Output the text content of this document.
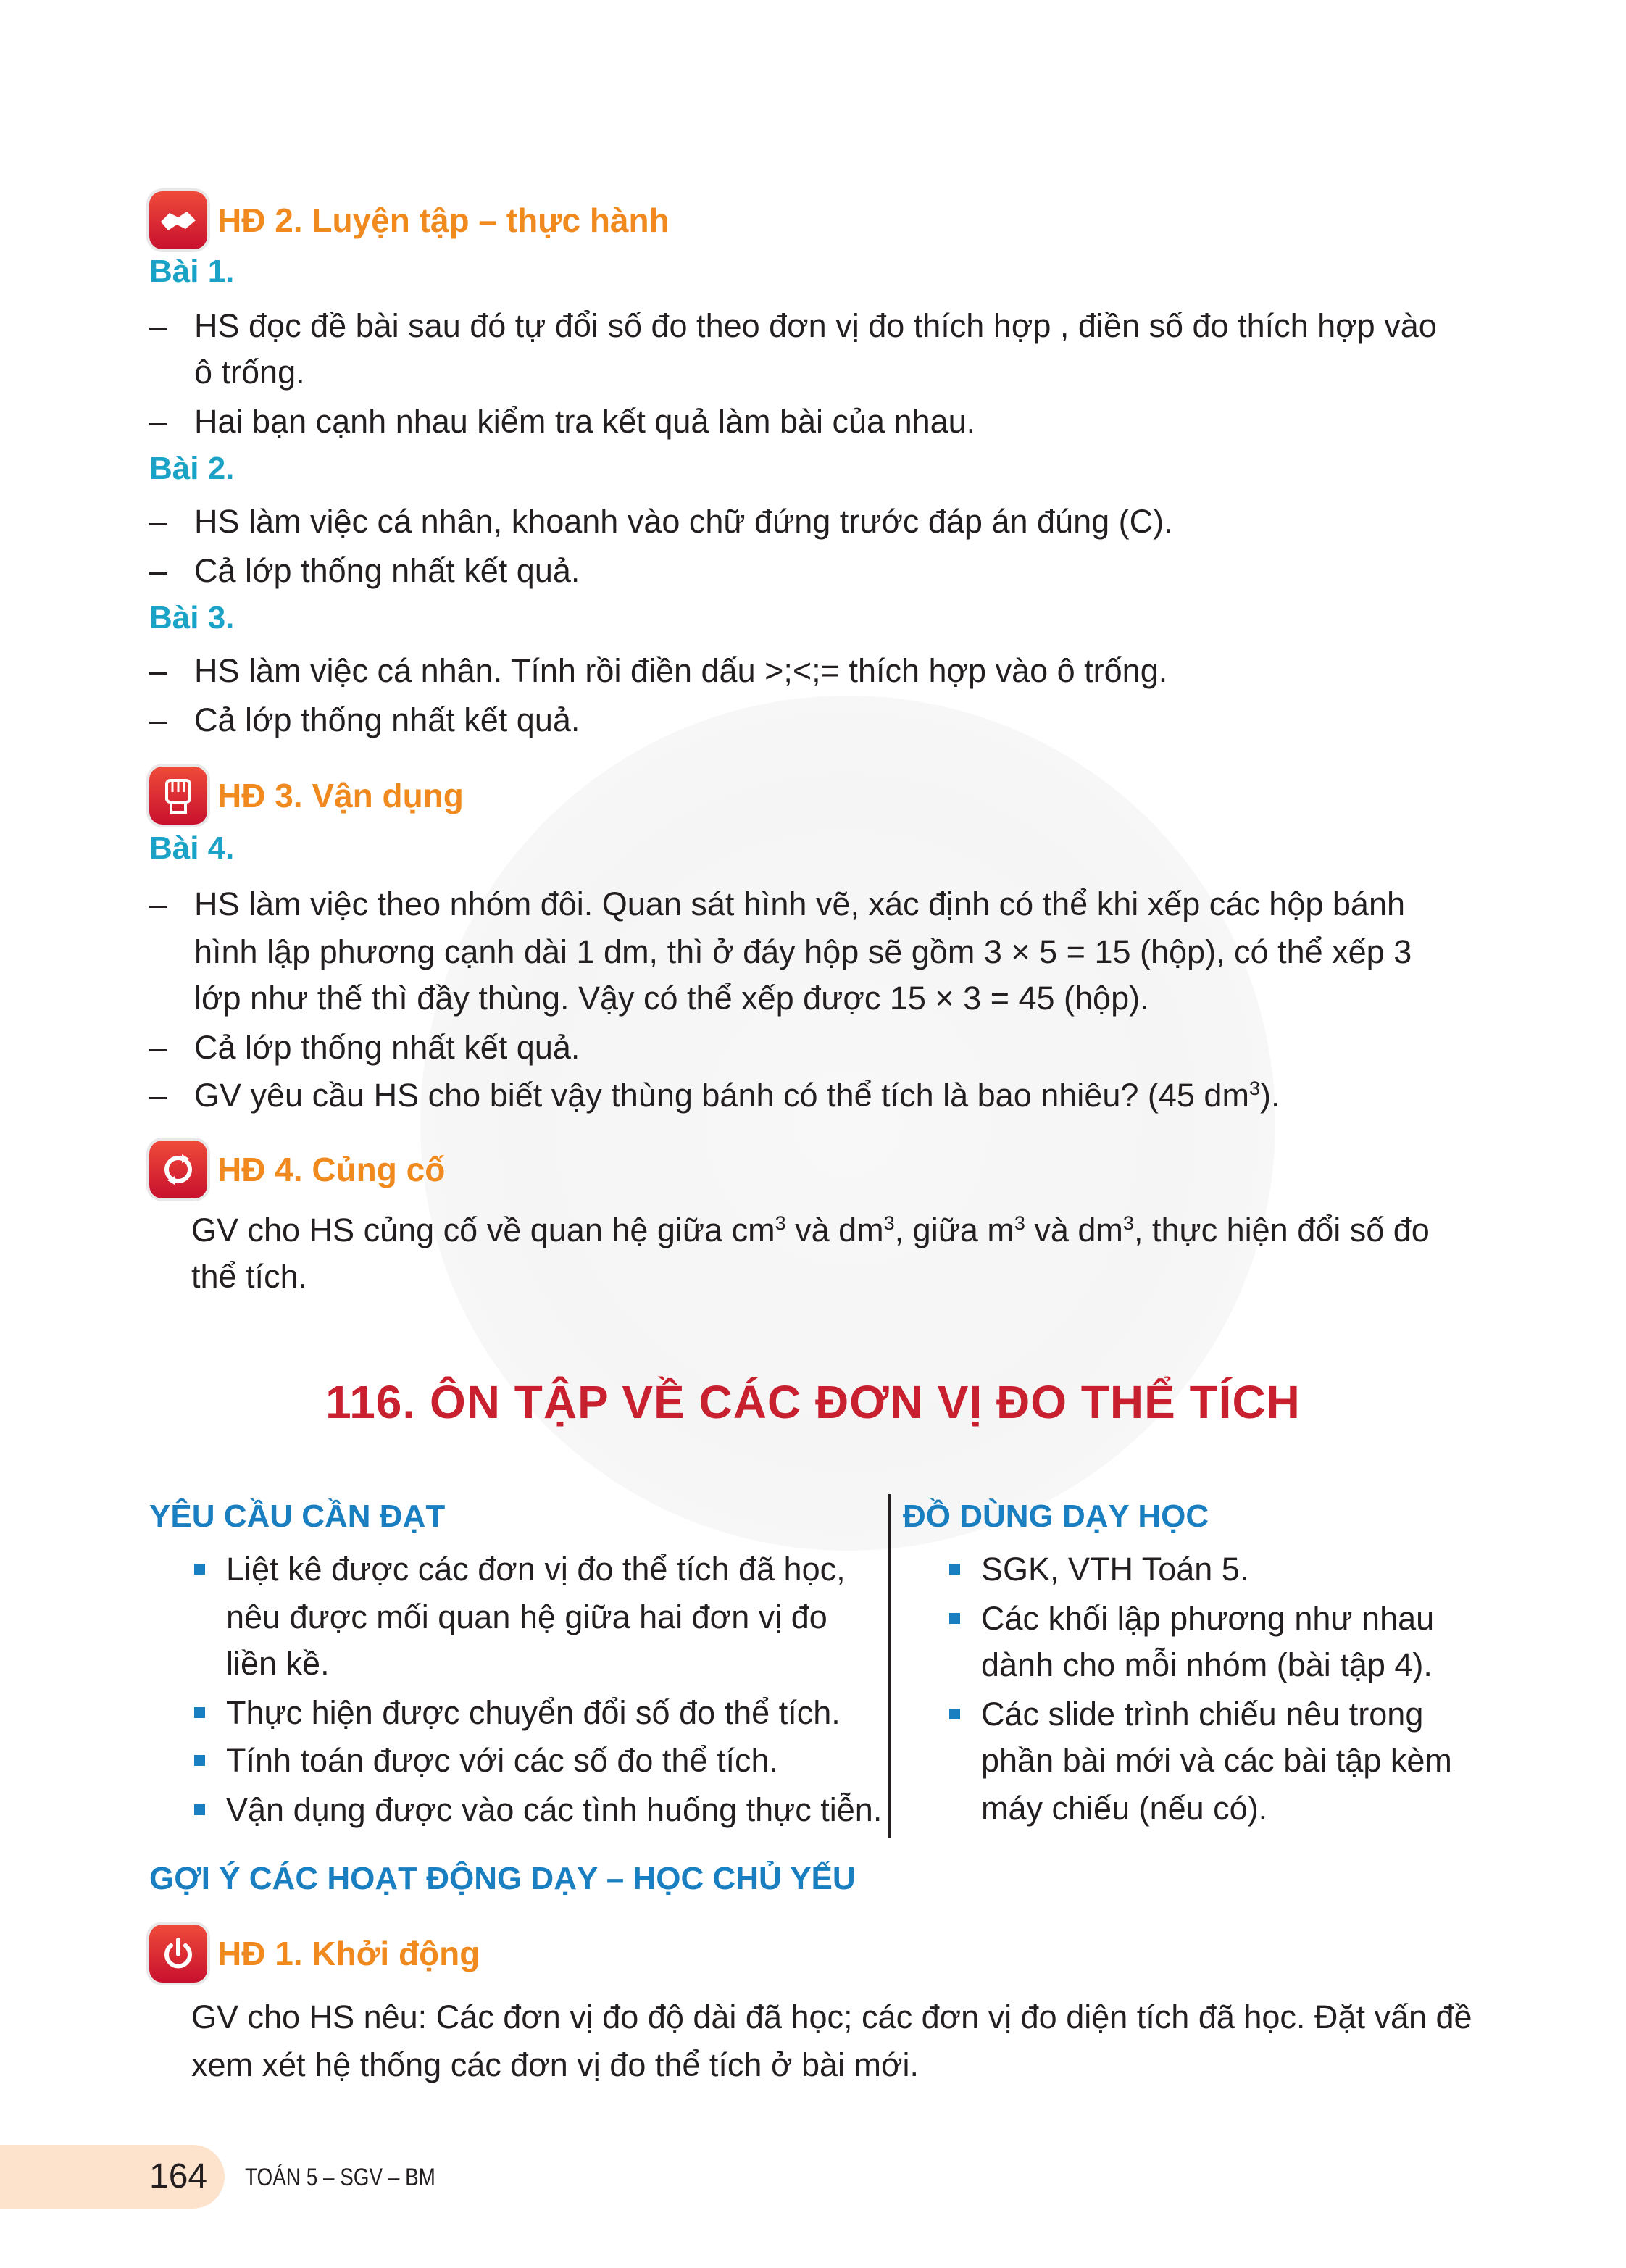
HĐ 2. Luyện tập – thực hành
Bài 1.
– HS đọc đề bài sau đó tự đổi số đo theo đơn vị đo thích hợp , điền số đo thích hợp vào
ô trống.
– Hai bạn cạnh nhau kiểm tra kết quả làm bài của nhau.
Bài 2.
– HS làm việc cá nhân, khoanh vào chữ đứng trước đáp án đúng (C).
– Cả lớp thống nhất kết quả.
Bài 3.
– HS làm việc cá nhân. Tính rồi điền dấu >;<;= thích hợp vào ô trống.
– Cả lớp thống nhất kết quả.
HĐ 3. Vận dụng
Bài 4.
– HS làm việc theo nhóm đôi. Quan sát hình vẽ, xác định có thể khi xếp các hộp bánh
hình lập phương cạnh dài 1 dm, thì ở đáy hộp sẽ gồm 3 × 5 = 15 (hộp), có thể xếp 3
lớp như thế thì đầy thùng. Vậy có thể xếp được 15 × 3 = 45 (hộp).
– Cả lớp thống nhất kết quả.
– GV yêu cầu HS cho biết vậy thùng bánh có thể tích là bao nhiêu? (45 $dm^3$).
HĐ 4. Củng cố
GV cho HS củng cố về quan hệ giữa $cm^3$ và $dm^3$, giữa $m^3$ và $dm^3$, thực hiện đổi số đo
thể tích.
116. ÔN TẬP VỀ CÁC ĐƠN VỊ ĐO THỂ TÍCH
YÊU CẦU CẦN ĐẠT
Liệt kê được các đơn vị đo thể tích đã học,
nêu được mối quan hệ giữa hai đơn vị đo
liền kề.
Thực hiện được chuyển đổi số đo thể tích.
Tính toán được với các số đo thể tích.
Vận dụng được vào các tình huống thực tiễn.
ĐỒ DÙNG DẠY HỌC
SGK, VTH Toán 5.
Các khối lập phương như nhau
dành cho mỗi nhóm (bài tập 4).
Các slide trình chiếu nêu trong
phần bài mới và các bài tập kèm
máy chiếu (nếu có).
GỢI Ý CÁC HOẠT ĐỘNG DẠY – HỌC CHỦ YẾU
HĐ 1. Khởi động
GV cho HS nêu: Các đơn vị đo độ dài đã học; các đơn vị đo diện tích đã học. Đặt vấn đề
xem xét hệ thống các đơn vị đo thể tích ở bài mới.
164 TOÁN 5 – SGV – BM
